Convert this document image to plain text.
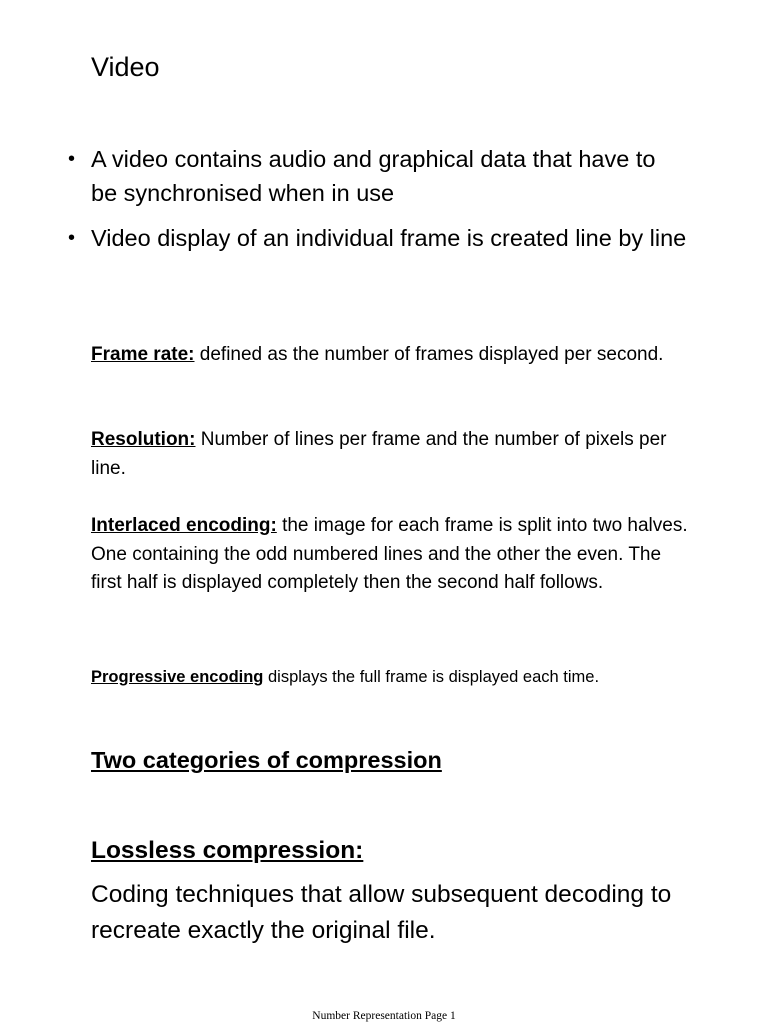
Video
• A video contains audio and graphical data that have to be synchronised when in use
• Video display of an individual frame is created line by line

Frame rate: defined as the number of frames displayed per second.

Resolution: Number of lines per frame and the number of pixels per line.

Interlaced encoding: the image for each frame is split into two halves. One containing the odd numbered lines and the other the even. The first half is displayed completely then the second half follows.

Progressive encoding displays the full frame is displayed each time.

Two categories of compression
Lossless compression:

Coding techniques that allow subsequent decoding to recreate exactly the original file.

Number Representation Page 1
